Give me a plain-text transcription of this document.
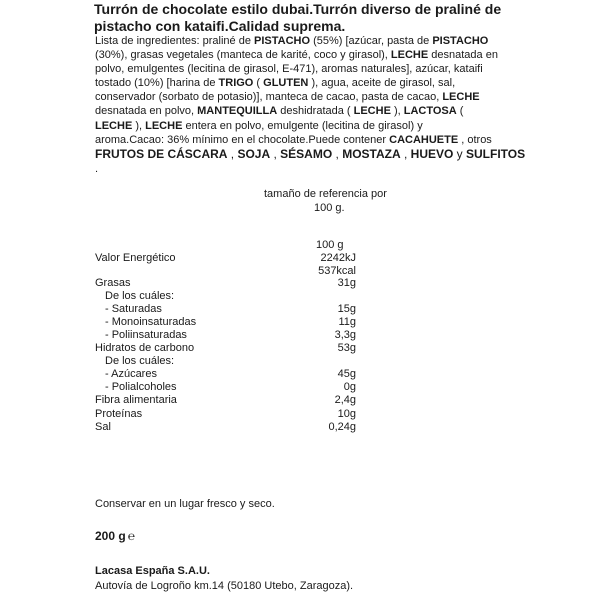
Turrón de chocolate estilo dubai.Turrón diverso de praliné de
pistacho con kataifi.Calidad suprema.
Lista de ingredientes: praliné de PISTACHO (55%) [azúcar, pasta de PISTACHO
(30%), grasas vegetales (manteca de karité, coco y girasol), LECHE desnatada en
polvo, emulgentes (lecitina de girasol, E-471), aromas naturales], azúcar, kataifi
tostado (10%) [harina de TRIGO ( GLUTEN ), agua, aceite de girasol, sal,
conservador (sorbato de potasio)], manteca de cacao, pasta de cacao, LECHE
desnatada en polvo, MANTEQUILLA deshidratada ( LECHE ), LACTOSA (
LECHE ), LECHE entera en polvo, emulgente (lecitina de girasol) y
aroma.Cacao: 36% mínimo en el chocolate.Puede contener CACAHUETE , otros
FRUTOS DE CÁSCARA , SOJA , SÉSAMO , MOSTAZA , HUEVO y SULFITOS
.
tamaño de referencia por
100 g.
100 g
Valor Energético	2242kJ
537kcal
Grasas	31g
De los cuáles:
- Saturadas	15g
- Monoinsaturadas	11g
- Poliinsaturadas	3,3g
Hidratos de carbono	53g
De los cuáles:
- Azúcares	45g
- Polialcoholes	0g
Fibra alimentaria	2,4g
Proteínas	10g
Sal	0,24g
Conservar en un lugar fresco y seco.
200 g ℮
Lacasa España S.A.U.
Autovía de Logroño km.14 (50180 Utebo, Zaragoza).
